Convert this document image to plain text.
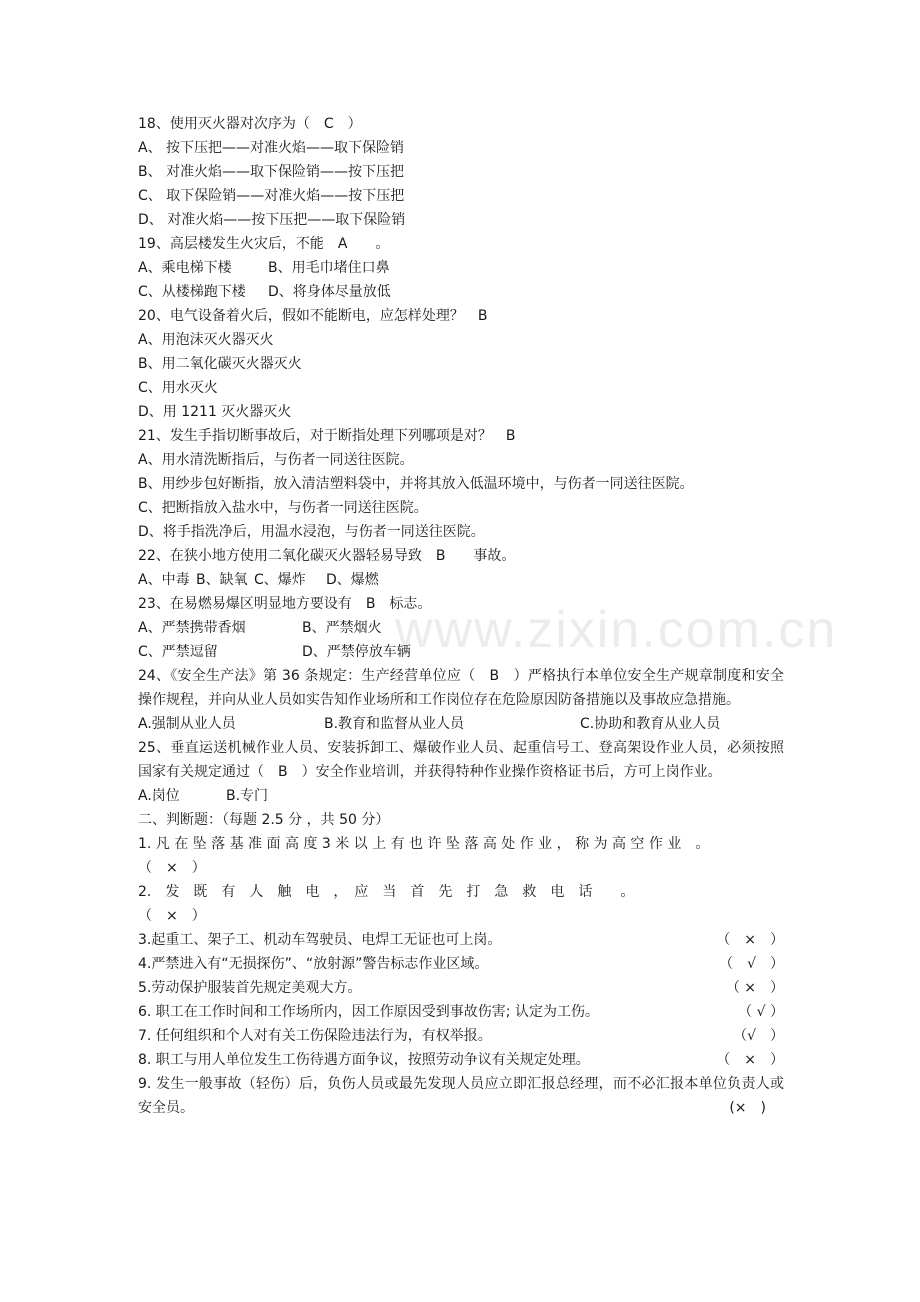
www.zixin.com.cn
18、使用灭火器对次序为（　C　）
A、 按下压把——对准火焰——取下保险销
B、 对准火焰——取下保险销——按下压把
C、 取下保险销——对准火焰——按下压把
D、 对准火焰——按下压把——取下保险销
19、高层楼发生火灾后，不能　A　　。
A、乘电梯下楼	B、用毛巾堵住口鼻
C、从楼梯跑下楼	D、将身体尽量放低
20、电气设备着火后，假如不能断电，应怎样处理？　B
A、用泡沫灭火器灭火
B、用二氧化碳灭火器灭火
C、用水灭火
D、用 1211 灭火器灭火
21、发生手指切断事故后，对于断指处理下列哪项是对？　B
A、用水清洗断指后，与伤者一同送往医院。
B、用纱步包好断指，放入清洁塑料袋中，并将其放入低温环境中，与伤者一同送往医院。
C、把断指放入盐水中，与伤者一同送往医院。
D、将手指洗净后，用温水浸泡，与伤者一同送往医院。
22、在狭小地方使用二氧化碳灭火器轻易导致　B　　事故。
A、中毒 B、缺氧 C、爆炸	D、爆燃
23、在易燃易爆区明显地方要设有　B　标志。
A、严禁携带香烟	B、严禁烟火
C、严禁逗留	D、严禁停放车辆
24、《安全生产法》第 36 条规定：生产经营单位应（　B　）严格执行本单位安全生产规章制度和安全操作规程，并向从业人员如实告知作业场所和工作岗位存在危险原因防备措施以及事故应急措施。
A.强制从业人员	B.教育和监督从业人员	C.协助和教育从业人员
25、垂直运送机械作业人员、安装拆卸工、爆破作业人员、起重信号工、登高架设作业人员，必须按照国家有关规定通过（　B　）安全作业培训，并获得特种作业操作资格证书后，方可上岗作业。
A.岗位	B.专门
二、判断题：（每题 2.5 分 ，共 50 分）
1. 凡 在 坠 落 基 准 面 高 度 3 米 以 上 有 也 许 坠 落 高 处 作 业 ， 称 为 高 空 作 业　。
（　×　）
2.　发　既　有　人　触　电　，　应　当　首　先　打　急　救　电　话　　。
（　×　）
3.起重工、架子工、机动车驾驶员、电焊工无证也可上岗。	（　×　）
4.严禁进入有“无损探伤”、“放射源”警告标志作业区域。	（　√　）
5.劳动保护服装首先规定美观大方。	（ ×　）
6. 职工在工作时间和工作场所内，因工作原因受到事故伤害; 认定为工伤。	（ √ ）
7. 任何组织和个人对有关工伤保险违法行为，有权举报。	（√　）
8. 职工与用人单位发生工伤待遇方面争议，按照劳动争议有关规定处理。	（　×　）
9. 发生一般事故（轻伤）后，负伤人员或最先发现人员应立即汇报总经理，而不必汇报本单位负责人或安全员。	(×　)
